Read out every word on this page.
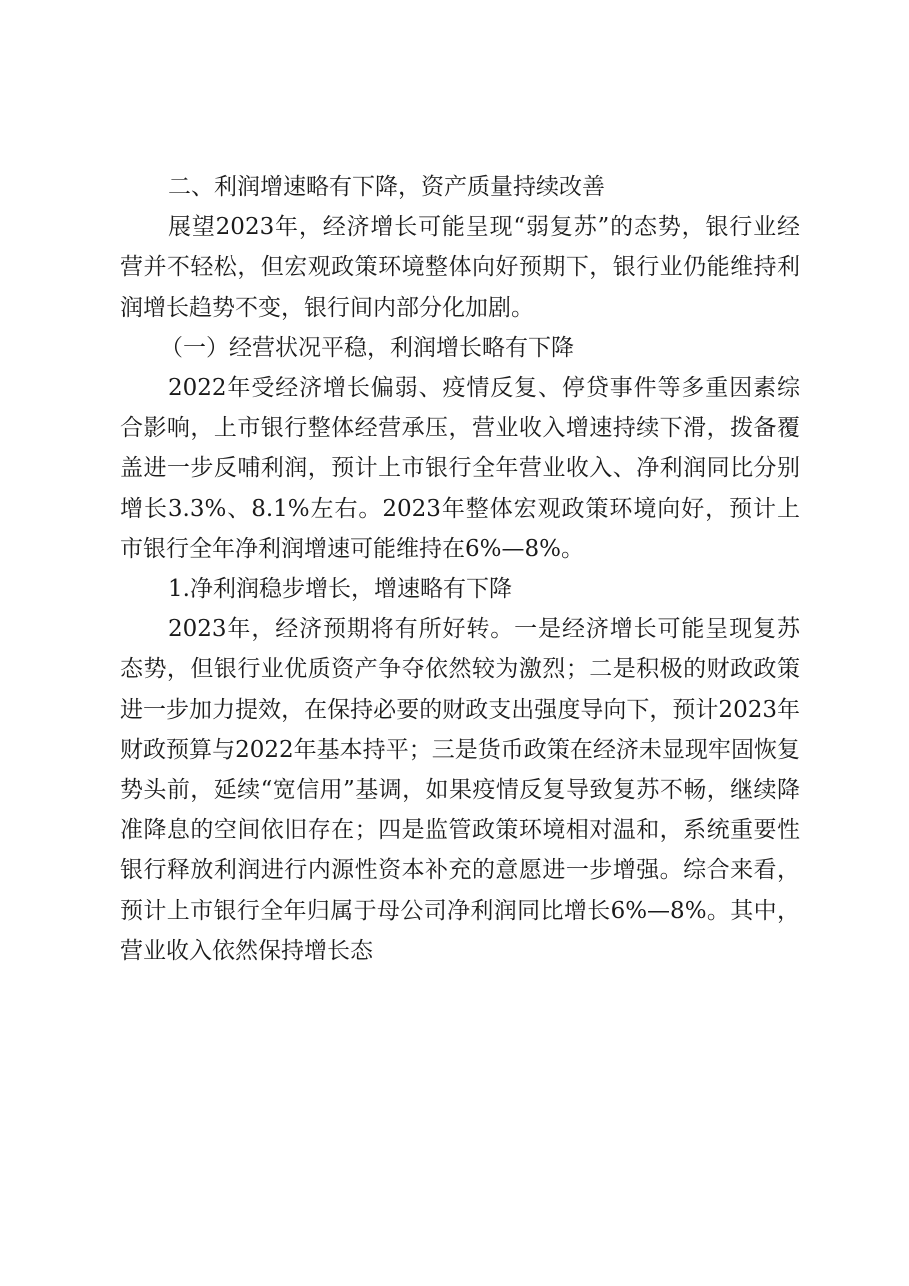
二、利润增速略有下降，资产质量持续改善

展望2023年，经济增长可能呈现“弱复苏”的态势，银行业经营并不轻松，但宏观政策环境整体向好预期下，银行业仍能维持利润增长趋势不变，银行间内部分化加剧。

（一）经营状况平稳，利润增长略有下降

2022年受经济增长偏弱、疫情反复、停贷事件等多重因素综合影响，上市银行整体经营承压，营业收入增速持续下滑，拨备覆盖进一步反哺利润，预计上市银行全年营业收入、净利润同比分别增长3.3%、8.1%左右。2023年整体宏观政策环境向好，预计上市银行全年净利润增速可能维持在6%—8%。

1.净利润稳步增长，增速略有下降

2023年，经济预期将有所好转。一是经济增长可能呈现复苏态势，但银行业优质资产争夺依然较为激烈；二是积极的财政政策进一步加力提效，在保持必要的财政支出强度导向下，预计2023年财政预算与2022年基本持平；三是货币政策在经济未显现牢固恢复势头前，延续“宽信用”基调，如果疫情反复导致复苏不畅，继续降准降息的空间依旧存在；四是监管政策环境相对温和，系统重要性银行释放利润进行内源性资本补充的意愿进一步增强。综合来看，预计上市银行全年归属于母公司净利润同比增长6%—8%。其中，营业收入依然保持增长态
